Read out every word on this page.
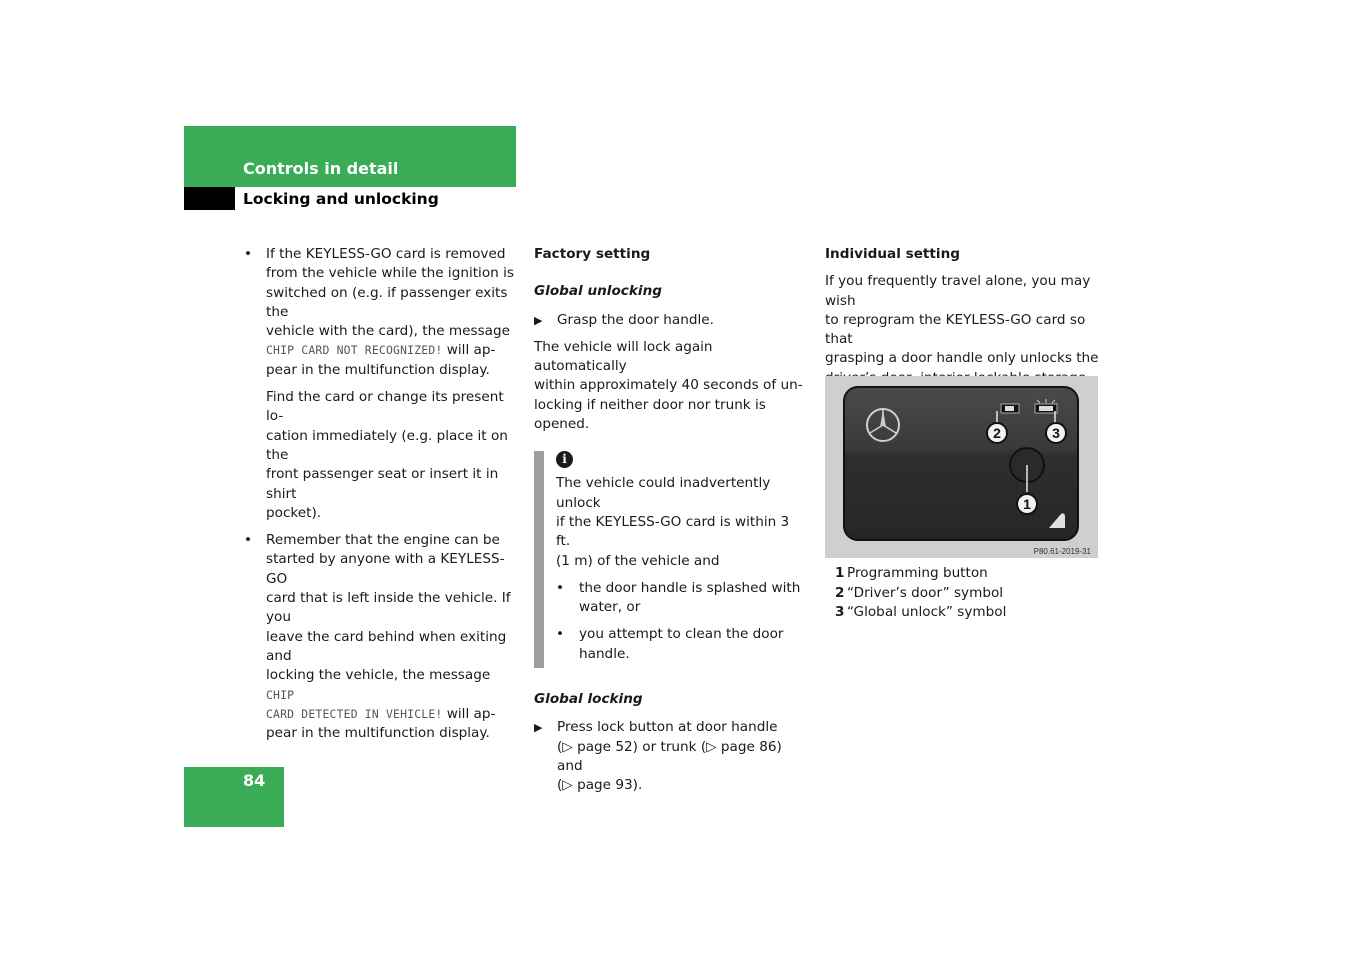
Controls in detail
Locking and unlocking
• If the KEYLESS-GO card is removed
from the vehicle while the ignition is
switched on (e.g. if passenger exits the
vehicle with the card), the message
CHIP CARD NOT RECOGNIZED! will ap-
pear in the multifunction display.

Find the card or change its present lo-
cation immediately (e.g. place it on the
front passenger seat or insert it in shirt
pocket).

• Remember that the engine can be
started by anyone with a KEYLESS-GO
card that is left inside the vehicle. If you
leave the card behind when exiting and
locking the vehicle, the message CHIP
CARD DETECTED IN VEHICLE! will ap-
pear in the multifunction display.

Factory setting

Global unlocking

▶ Grasp the door handle.

The vehicle will lock again automatically
within approximately 40 seconds of un-
locking if neither door nor trunk is opened.

i

The vehicle could inadvertently unlock
if the KEYLESS-GO card is within 3 ft.
(1 m) of the vehicle and

• the door handle is splashed with
water, or
• you attempt to clean the door
handle.

Global locking

▶ Press lock button at door handle
(▷ page 52) or trunk (▷ page 86) and
(▷ page 93).

Individual setting

If you frequently travel alone, you may wish
to reprogram the KEYLESS-GO card so that
grasping a door handle only unlocks the

2	3
1
P80.61-2019-31
1 Programming button
2 “Driver’s door” symbol
3 “Global unlock” symbol
84
